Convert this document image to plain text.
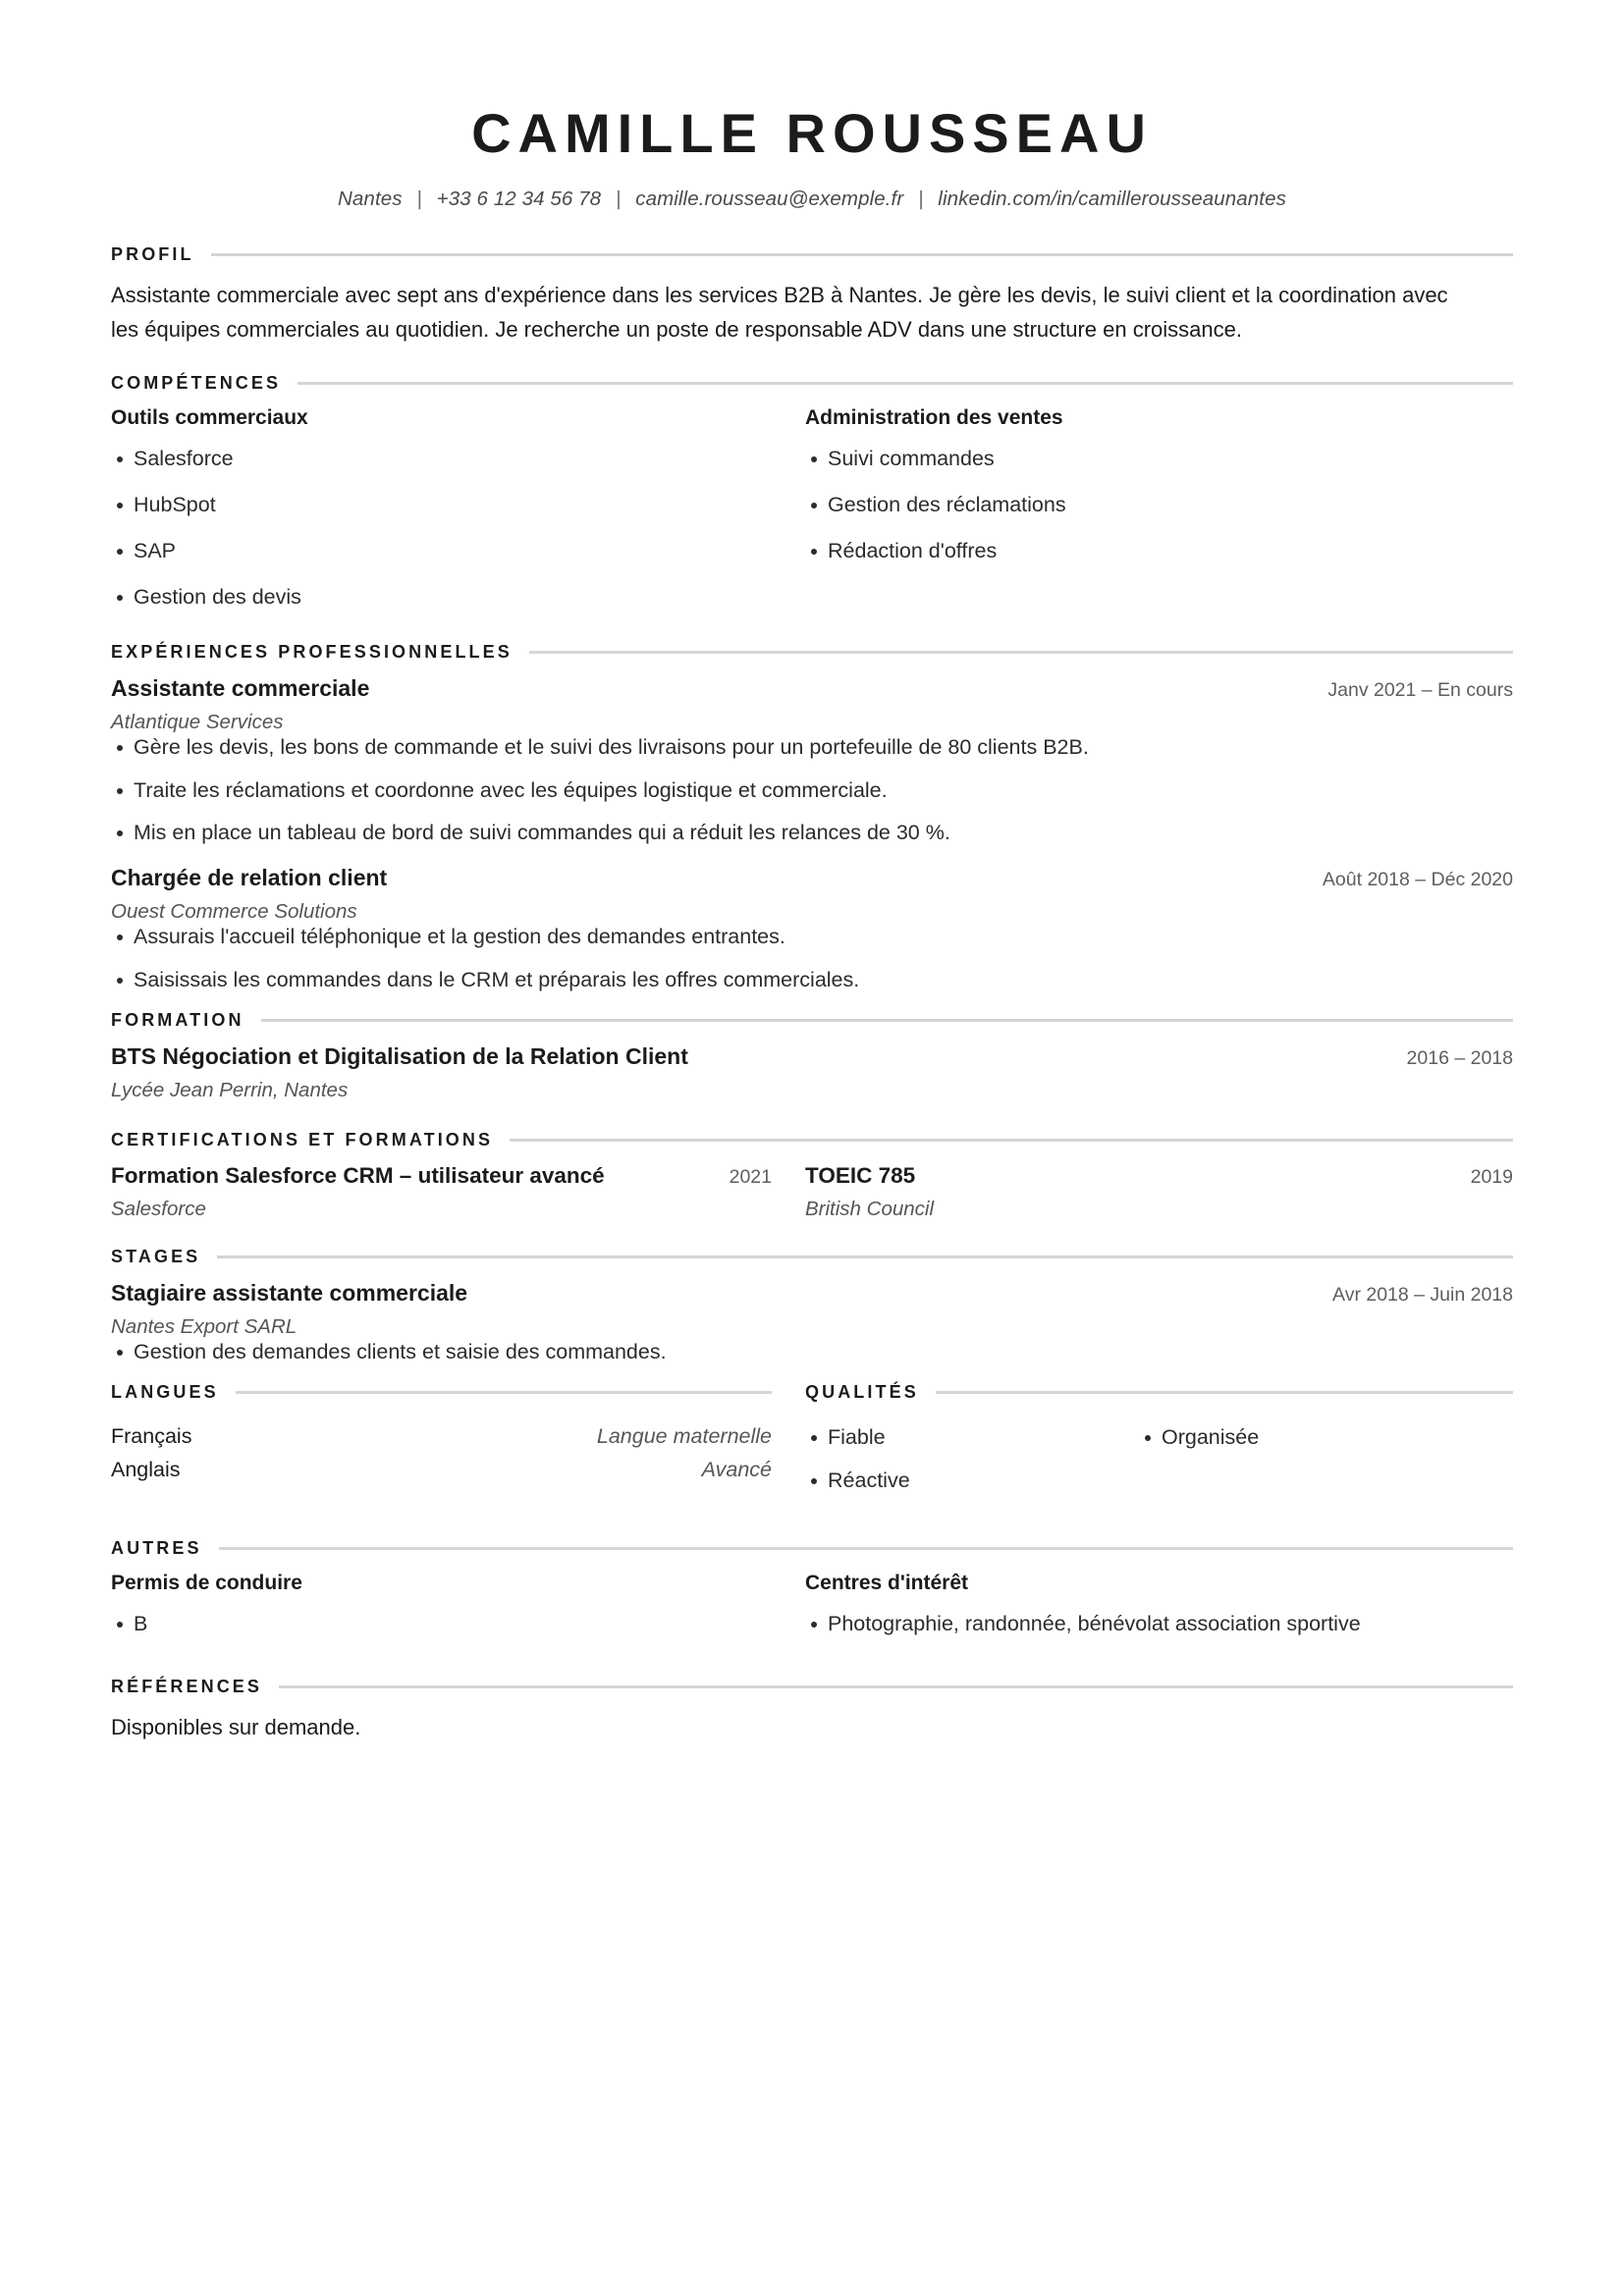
CAMILLE ROUSSEAU
Nantes | +33 6 12 34 56 78 | camille.rousseau@exemple.fr | linkedin.com/in/camillerousseaunantes
PROFIL
Assistante commerciale avec sept ans d'expérience dans les services B2B à Nantes. Je gère les devis, le suivi client et la coordination avec les équipes commerciales au quotidien. Je recherche un poste de responsable ADV dans une structure en croissance.
COMPÉTENCES
Outils commerciaux
Salesforce
HubSpot
SAP
Gestion des devis
Administration des ventes
Suivi commandes
Gestion des réclamations
Rédaction d'offres
EXPÉRIENCES PROFESSIONNELLES
Assistante commerciale	Janv 2021 – En cours
Atlantique Services
Gère les devis, les bons de commande et le suivi des livraisons pour un portefeuille de 80 clients B2B.
Traite les réclamations et coordonne avec les équipes logistique et commerciale.
Mis en place un tableau de bord de suivi commandes qui a réduit les relances de 30 %.
Chargée de relation client	Août 2018 – Déc 2020
Ouest Commerce Solutions
Assurais l'accueil téléphonique et la gestion des demandes entrantes.
Saisissais les commandes dans le CRM et préparais les offres commerciales.
FORMATION
BTS Négociation et Digitalisation de la Relation Client	2016 – 2018
Lycée Jean Perrin, Nantes
CERTIFICATIONS ET FORMATIONS
Formation Salesforce CRM – utilisateur avancé	2021
Salesforce
TOEIC 785	2019
British Council
STAGES
Stagiaire assistante commerciale	Avr 2018 – Juin 2018
Nantes Export SARL
Gestion des demandes clients et saisie des commandes.
LANGUES	QUALITÉS
Français	Langue maternelle
Anglais	Avancé
Fiable
Réactive
Organisée
AUTRES
Permis de conduire
B
Centres d'intérêt
Photographie, randonnée, bénévolat association sportive
RÉFÉRENCES
Disponibles sur demande.
